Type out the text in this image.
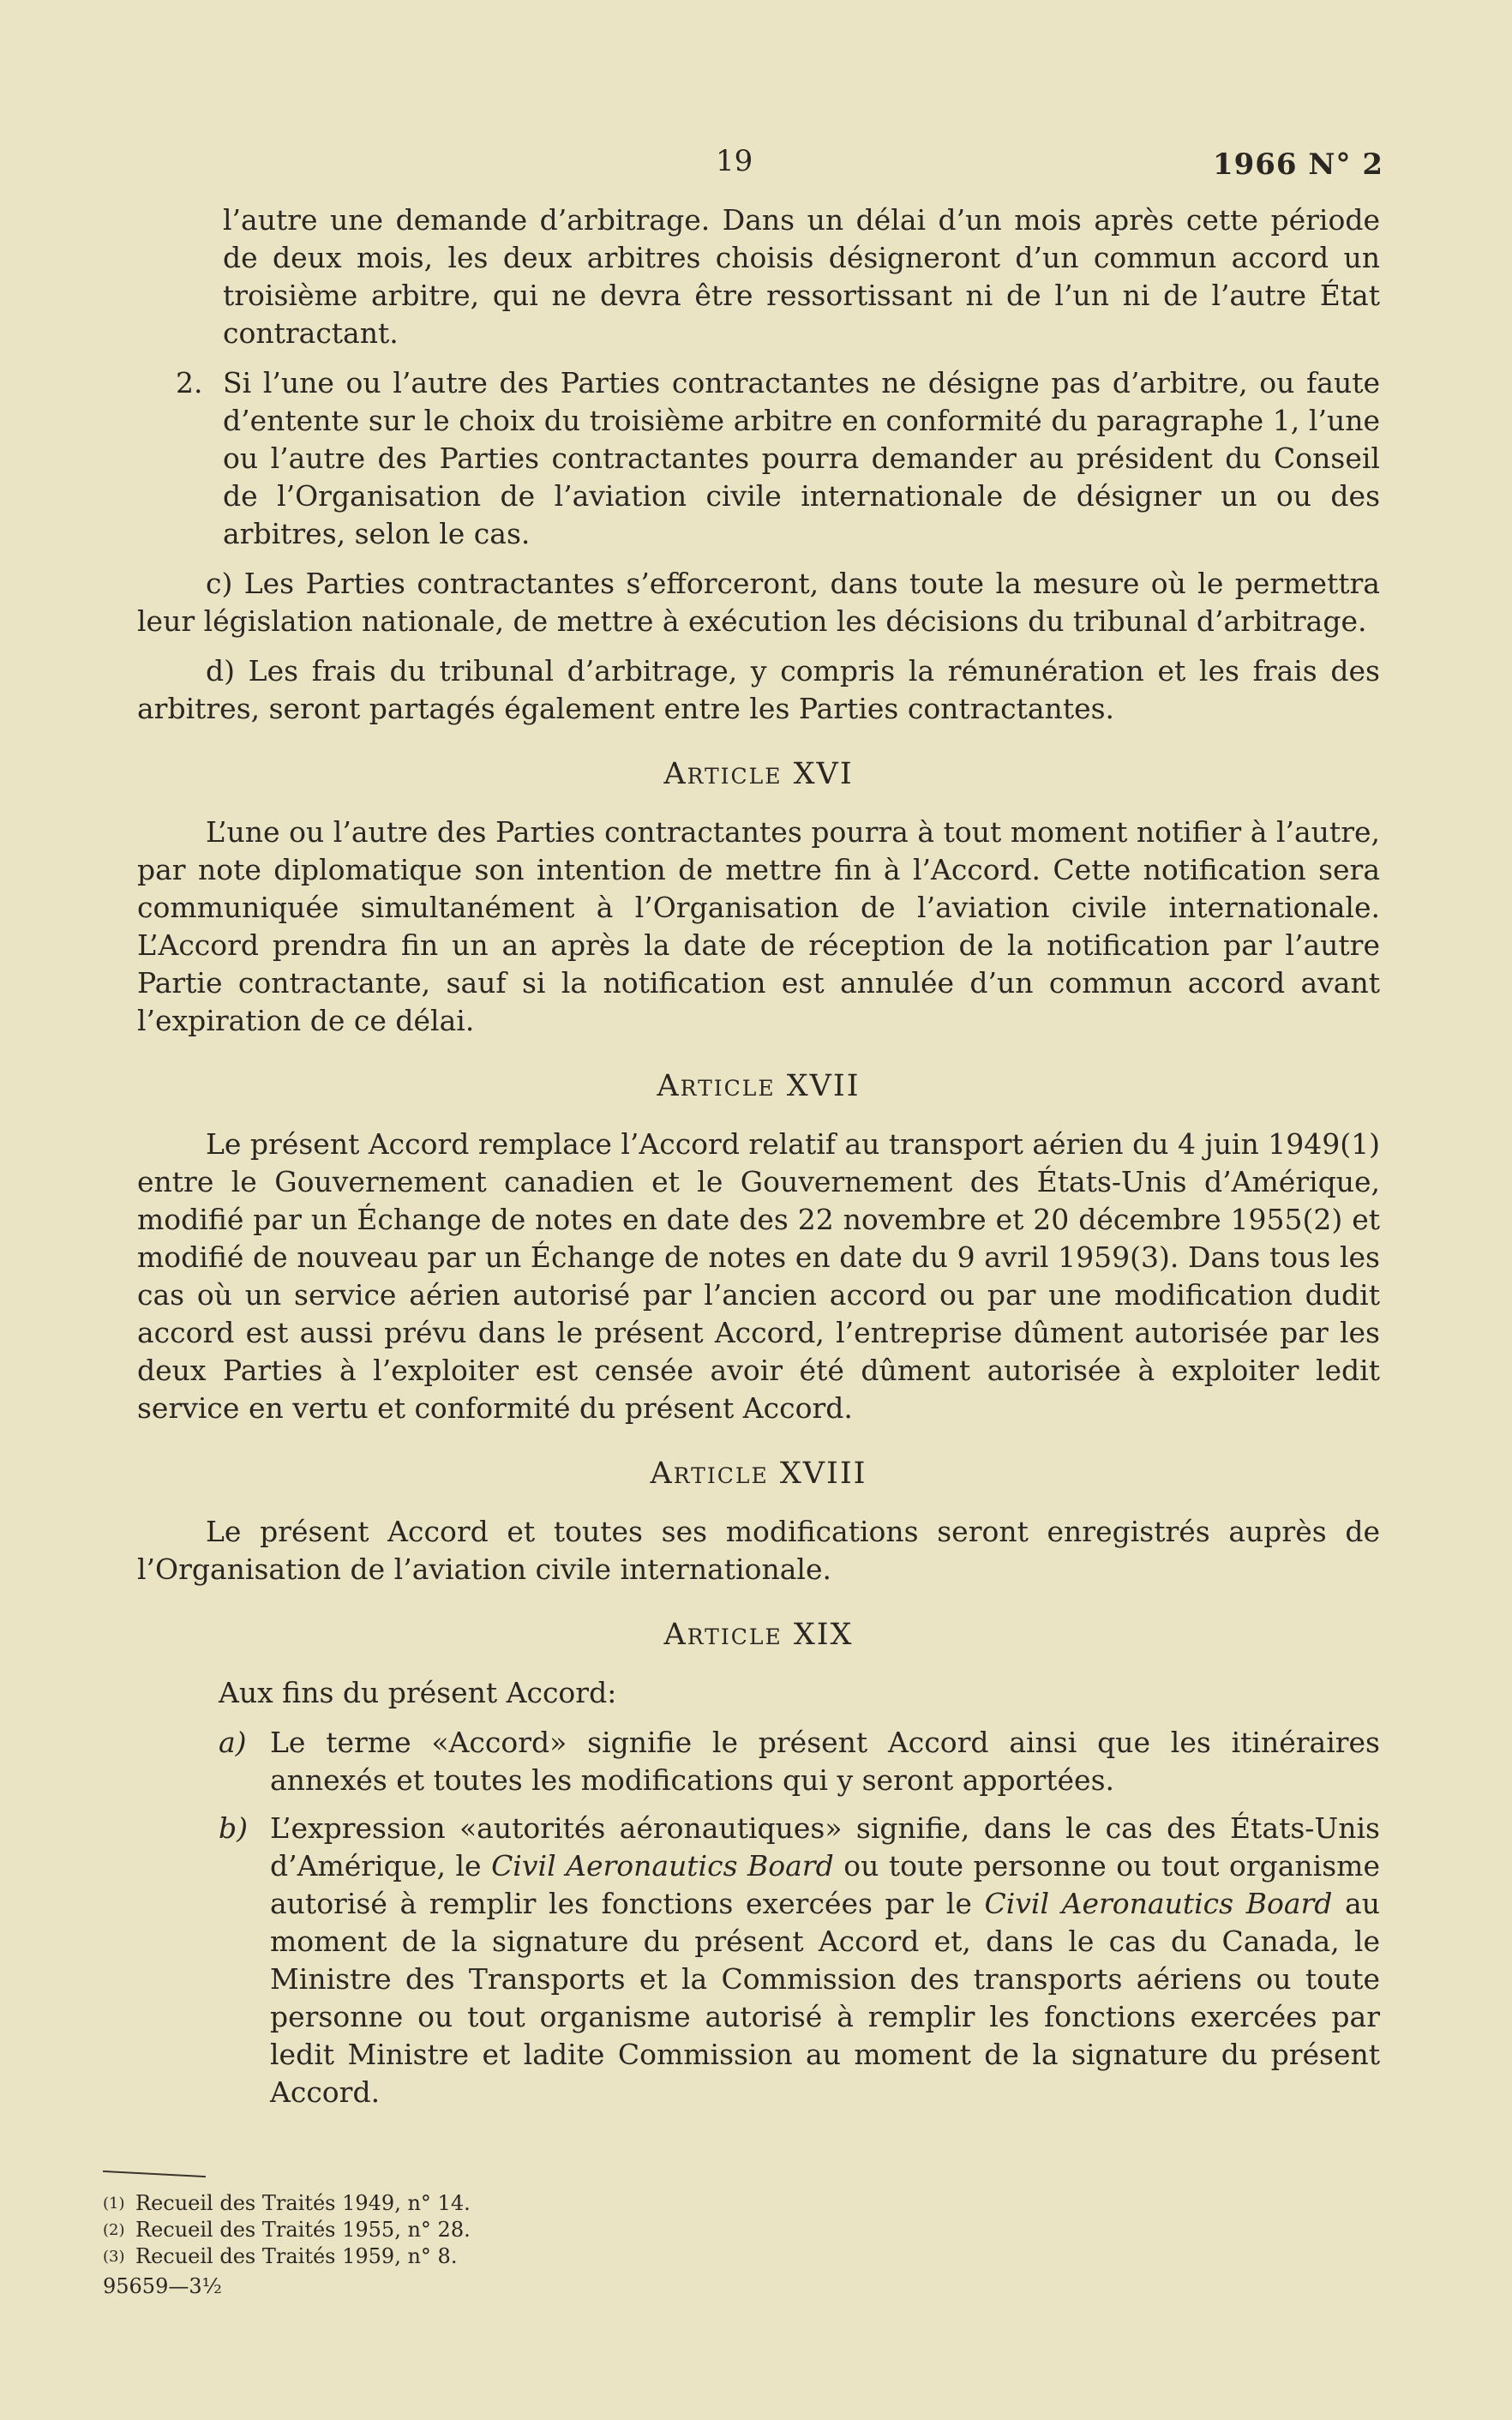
19	1966 N° 2

l’autre une demande d’arbitrage. Dans un délai d’un mois après cette période de deux mois, les deux arbitres choisis désigneront d’un commun accord un troisième arbitre, qui ne devra être ressortissant ni de l’un ni de l’autre État contractant.

2. Si l’une ou l’autre des Parties contractantes ne désigne pas d’arbitre, ou faute d’entente sur le choix du troisième arbitre en conformité du paragraphe 1, l’une ou l’autre des Parties contractantes pourra demander au président du Conseil de l’Organisation de l’aviation civile internationale de désigner un ou des arbitres, selon le cas.

c) Les Parties contractantes s’efforceront, dans toute la mesure où le permettra leur législation nationale, de mettre à exécution les décisions du tribunal d’arbitrage.

d) Les frais du tribunal d’arbitrage, y compris la rémunération et les frais des arbitres, seront partagés également entre les Parties contractantes.

Article XVI

L’une ou l’autre des Parties contractantes pourra à tout moment notifier à l’autre, par note diplomatique son intention de mettre fin à l’Accord. Cette notification sera communiquée simultanément à l’Organisation de l’aviation civile internationale. L’Accord prendra fin un an après la date de réception de la notification par l’autre Partie contractante, sauf si la notification est annulée d’un commun accord avant l’expiration de ce délai.

Article XVII

Le présent Accord remplace l’Accord relatif au transport aérien du 4 juin 1949(1) entre le Gouvernement canadien et le Gouvernement des États-Unis d’Amérique, modifié par un Échange de notes en date des 22 novembre et 20 décembre 1955(2) et modifié de nouveau par un Échange de notes en date du 9 avril 1959(3). Dans tous les cas où un service aérien autorisé par l’ancien accord ou par une modification dudit accord est aussi prévu dans le présent Accord, l’entreprise dûment autorisée par les deux Parties à l’exploiter est censée avoir été dûment autorisée à exploiter ledit service en vertu et conformité du présent Accord.

Article XVIII

Le présent Accord et toutes ses modifications seront enregistrés auprès de l’Organisation de l’aviation civile internationale.

Article XIX

Aux fins du présent Accord:

a) Le terme «Accord» signifie le présent Accord ainsi que les itinéraires annexés et toutes les modifications qui y seront apportées.
b) L’expression «autorités aéronautiques» signifie, dans le cas des États-Unis d’Amérique, le Civil Aeronautics Board ou toute personne ou tout organisme autorisé à remplir les fonctions exercées par le Civil Aeronautics Board au moment de la signature du présent Accord et, dans le cas du Canada, le Ministre des Transports et la Commission des transports aériens ou toute personne ou tout organisme autorisé à remplir les fonctions exercées par ledit Ministre et ladite Commission au moment de la signature du présent Accord.
(1) Recueil des Traités 1949, n° 14.
(2) Recueil des Traités 1955, n° 28.
(3) Recueil des Traités 1959, n° 8.
95659—3½
